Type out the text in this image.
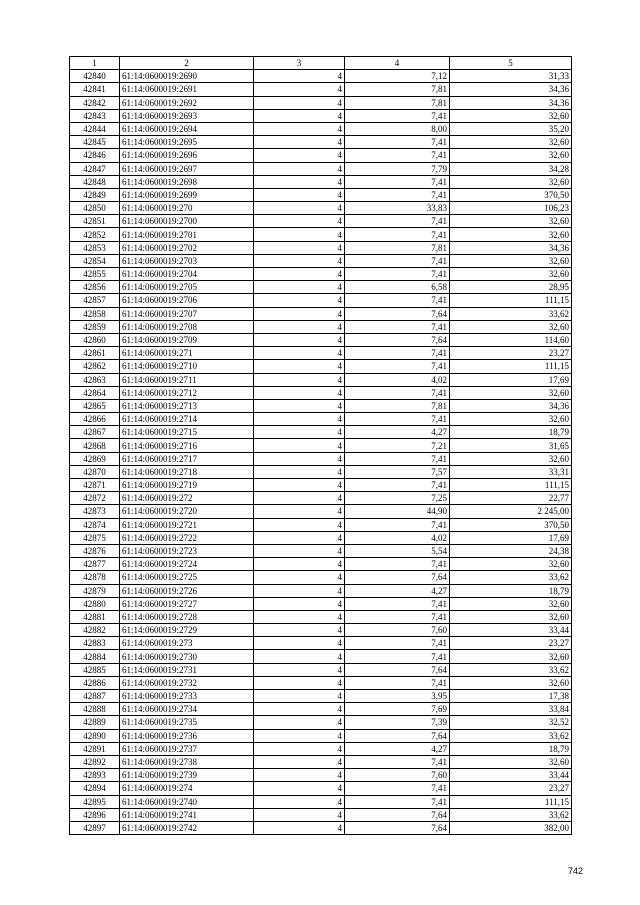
1	2	3	4	5
42840	61:14:0600019:2690	4	7,12	31,33
42841	61:14:0600019:2691	4	7,81	34,36
42842	61:14:0600019:2692	4	7,81	34,36
42843	61:14:0600019:2693	4	7,41	32,60
42844	61:14:0600019:2694	4	8,00	35,20
42845	61:14:0600019:2695	4	7,41	32,60
42846	61:14:0600019:2696	4	7,41	32,60
42847	61:14:0600019:2697	4	7,79	34,28
42848	61:14:0600019:2698	4	7,41	32,60
42849	61:14:0600019:2699	4	7,41	370,50
42850	61:14:0600019:270	4	33,83	106,23
42851	61:14:0600019:2700	4	7,41	32,60
42852	61:14:0600019:2701	4	7,41	32,60
42853	61:14:0600019:2702	4	7,81	34,36
42854	61:14:0600019:2703	4	7,41	32,60
42855	61:14:0600019:2704	4	7,41	32,60
42856	61:14:0600019:2705	4	6,58	28,95
42857	61:14:0600019:2706	4	7,41	111,15
42858	61:14:0600019:2707	4	7,64	33,62
42859	61:14:0600019:2708	4	7,41	32,60
42860	61:14:0600019:2709	4	7,64	114,60
42861	61:14:0600019:271	4	7,41	23,27
42862	61:14:0600019:2710	4	7,41	111,15
42863	61:14:0600019:2711	4	4,02	17,69
42864	61:14:0600019:2712	4	7,41	32,60
42865	61:14:0600019:2713	4	7,81	34,36
42866	61:14:0600019:2714	4	7,41	32,60
42867	61:14:0600019:2715	4	4,27	18,79
42868	61:14:0600019:2716	4	7,21	31,65
42869	61:14:0600019:2717	4	7,41	32,60
42870	61:14:0600019:2718	4	7,57	33,31
42871	61:14:0600019:2719	4	7,41	111,15
42872	61:14:0600019:272	4	7,25	22,77
42873	61:14:0600019:2720	4	44,90	2 245,00
42874	61:14:0600019:2721	4	7,41	370,50
42875	61:14:0600019:2722	4	4,02	17,69
42876	61:14:0600019:2723	4	5,54	24,38
42877	61:14:0600019:2724	4	7,41	32,60
42878	61:14:0600019:2725	4	7,64	33,62
42879	61:14:0600019:2726	4	4,27	18,79
42880	61:14:0600019:2727	4	7,41	32,60
42881	61:14:0600019:2728	4	7,41	32,60
42882	61:14:0600019:2729	4	7,60	33,44
42883	61:14:0600019:273	4	7,41	23,27
42884	61:14:0600019:2730	4	7,41	32,60
42885	61:14:0600019:2731	4	7,64	33,62
42886	61:14:0600019:2732	4	7,41	32,60
42887	61:14:0600019:2733	4	3,95	17,38
42888	61:14:0600019:2734	4	7,69	33,84
42889	61:14:0600019:2735	4	7,39	32,52
42890	61:14:0600019:2736	4	7,64	33,62
42891	61:14:0600019:2737	4	4,27	18,79
42892	61:14:0600019:2738	4	7,41	32,60
42893	61:14:0600019:2739	4	7,60	33,44
42894	61:14:0600019:274	4	7,41	23,27
42895	61:14:0600019:2740	4	7,41	111,15
42896	61:14:0600019:2741	4	7,64	33,62
42897	61:14:0600019:2742	4	7,64	382,00
742
